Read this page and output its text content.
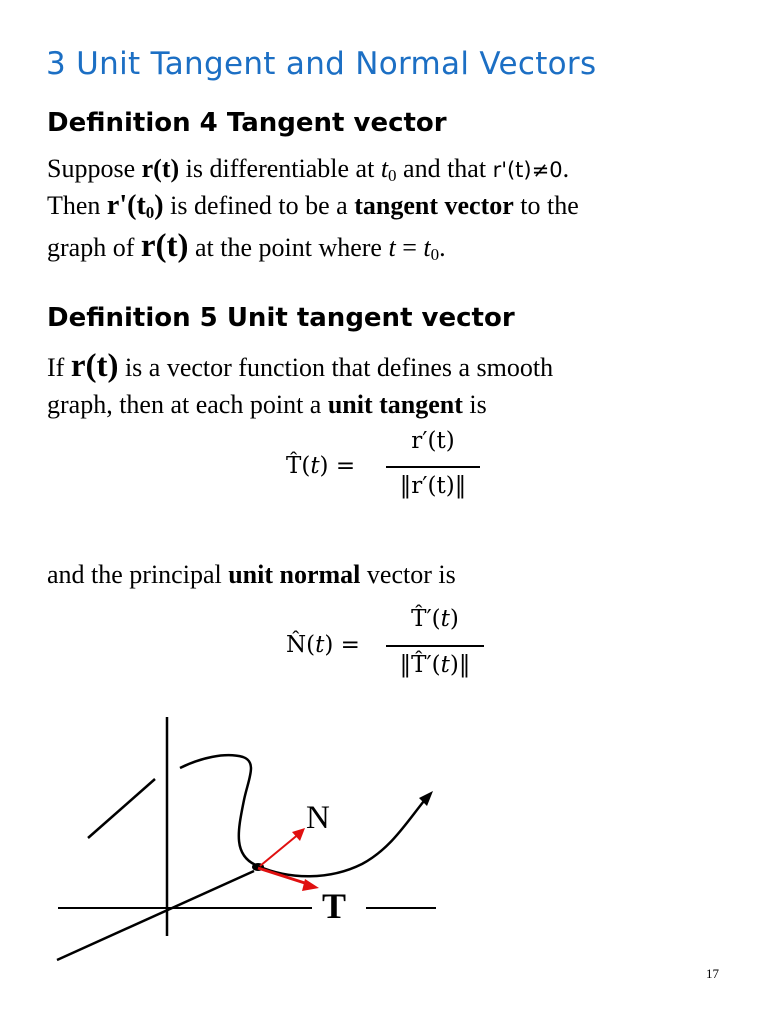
3 Unit Tangent and Normal Vectors
Definition 4 Tangent vector
Suppose r(t) is differentiable at $t_0$ and that r'(t)≠0.
Then $r'(t_0)$ is defined to be a tangent vector to the
graph of r(t) at the point where $t = t_0$.
Definition 5 Unit tangent vector
If r(t) is a vector function that defines a smooth
graph, then at each point a unit tangent is
T̂(𝑡) =
r′(t)
‖r′(t)‖
and the principal unit normal vector is
N̂(𝑡) =
T̂′(𝑡)
‖T̂′(𝑡)‖
N
T
17
